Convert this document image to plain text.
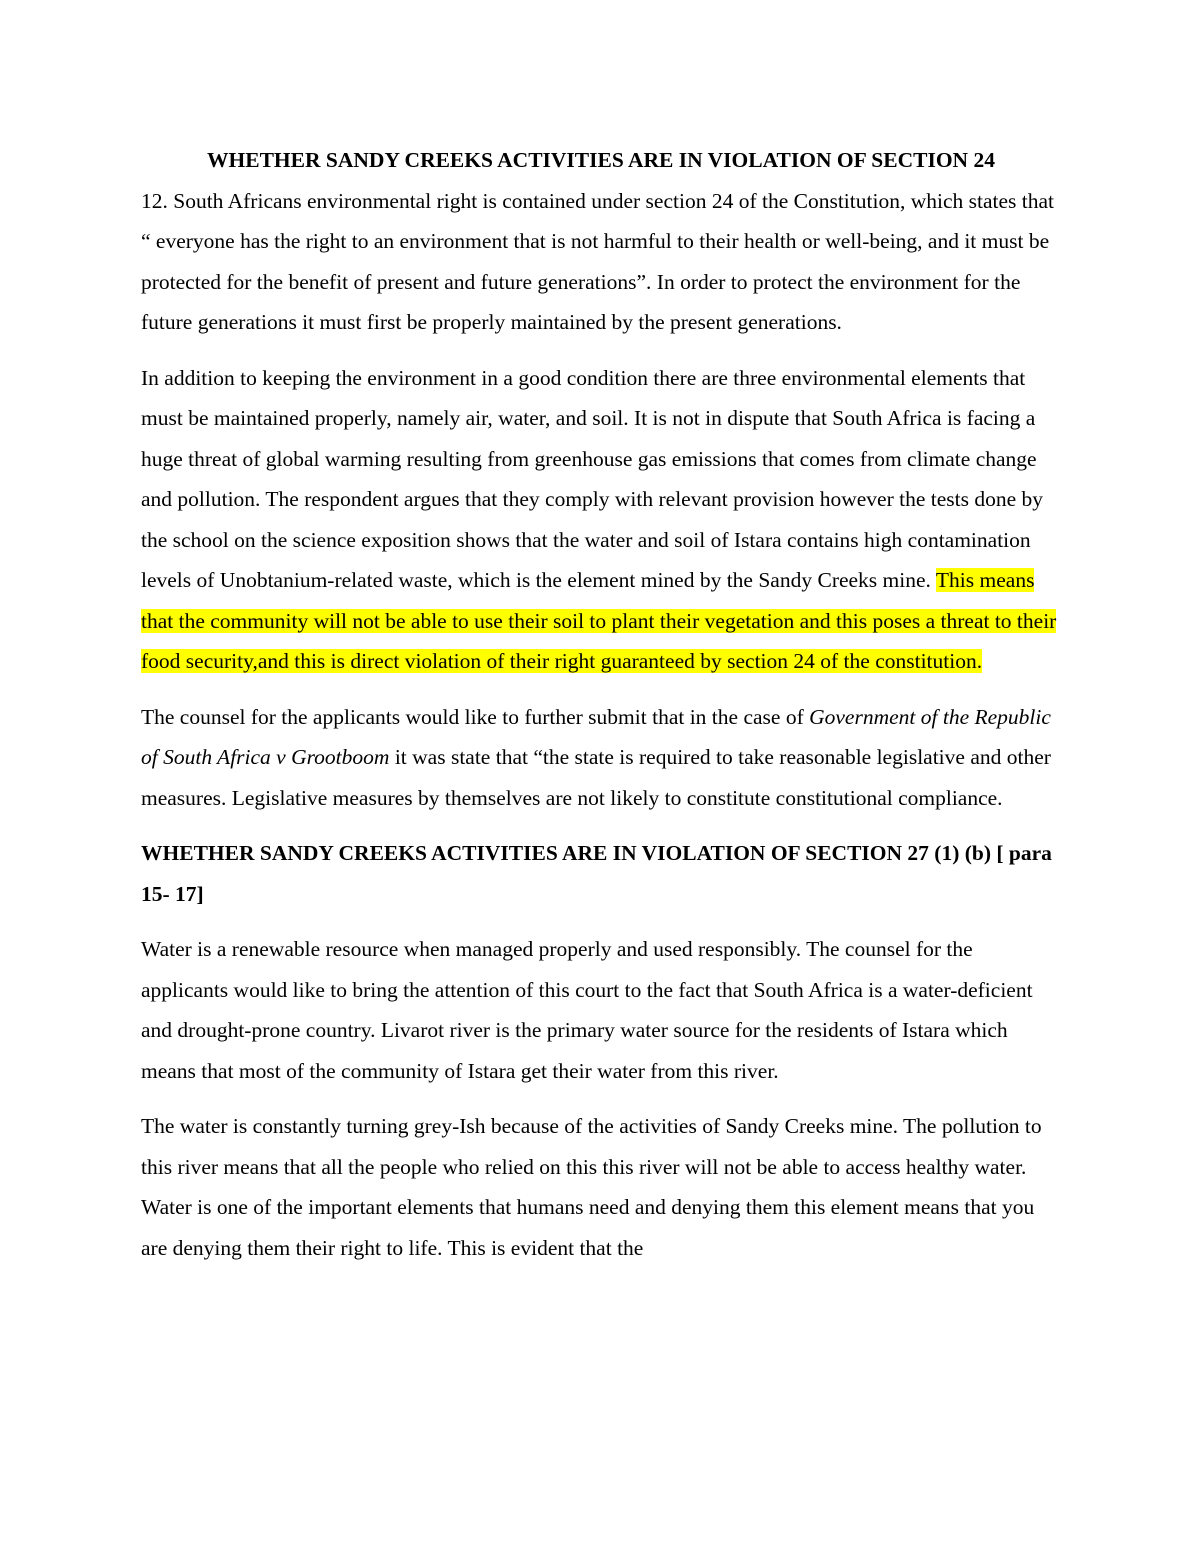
WHETHER SANDY CREEKS ACTIVITIES ARE IN VIOLATION OF SECTION 24

12. South Africans environmental right is contained under section 24 of the Constitution, which states that “ everyone has the right to an environment that is not harmful to their health or well-being, and it must be protected for the benefit of present and future generations”. In order to protect the environment for the future generations it must first be properly maintained by the present generations.

In addition to keeping the environment in a good condition there are three environmental elements that must be maintained properly, namely air, water, and soil. It is not in dispute that South Africa is facing a huge threat of global warming resulting from greenhouse gas emissions that comes from climate change and pollution. The respondent argues that they comply with relevant provision however the tests done by the school on the science exposition shows that the water and soil of Istara contains high contamination levels of Unobtanium-related waste, which is the element mined by the Sandy Creeks mine. This means that the community will not be able to use their soil to plant their vegetation and this poses a threat to their food security,and this is direct violation of their right guaranteed by section 24 of the constitution.

The counsel for the applicants would like to further submit that in the case of Government of the Republic of South Africa v Grootboom it was state that “the state is required to take reasonable legislative and other measures. Legislative measures by themselves are not likely to constitute constitutional compliance.

WHETHER SANDY CREEKS ACTIVITIES ARE IN VIOLATION OF SECTION 27 (1) (b) [ para 15- 17]

Water is a renewable resource when managed properly and used responsibly. The counsel for the applicants would like to bring the attention of this court to the fact that South Africa is a water-deficient and drought-prone country. Livarot river is the primary water source for the residents of Istara which means that most of the community of Istara get their water from this river.

The water is constantly turning grey-Ish because of the activities of Sandy Creeks mine. The pollution to this river means that all the people who relied on this this river will not be able to access healthy water. Water is one of the important elements that humans need and denying them this element means that you are denying them their right to life. This is evident that the
